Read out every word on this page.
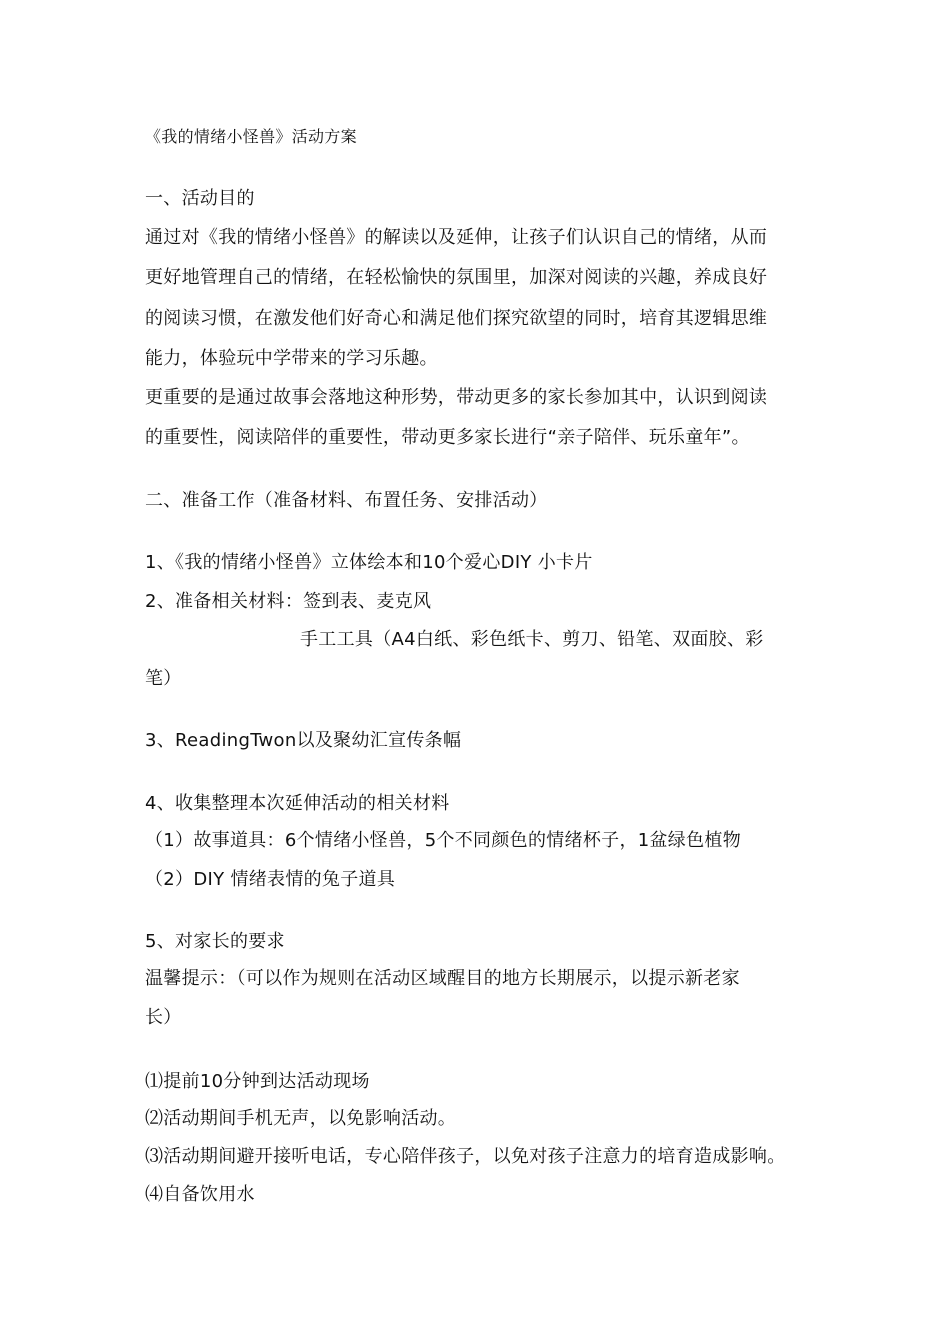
《我的情绪小怪兽》活动方案
一、活动目的
通过对《我的情绪小怪兽》的解读以及延伸，让孩子们认识自己的情绪，从而
更好地管理自己的情绪，在轻松愉快的氛围里，加深对阅读的兴趣，养成良好
的阅读习惯，在激发他们好奇心和满足他们探究欲望的同时，培育其逻辑思维
能力，体验玩中学带来的学习乐趣。
更重要的是通过故事会落地这种形势，带动更多的家长参加其中，认识到阅读
的重要性，阅读陪伴的重要性，带动更多家长进行“亲子陪伴、玩乐童年”。
二、准备工作（准备材料、布置任务、安排活动）
1、《我的情绪小怪兽》立体绘本和10个爱心DIY 小卡片
2、准备相关材料：签到表、麦克风
手工工具（A4白纸、彩色纸卡、剪刀、铅笔、双面胶、彩
笔）
3、ReadingTwon以及聚幼汇宣传条幅
4、收集整理本次延伸活动的相关材料
（1）故事道具：6个情绪小怪兽，5个不同颜色的情绪杯子，1盆绿色植物
（2）DIY 情绪表情的兔子道具
5、对家长的要求
温馨提示：（可以作为规则在活动区域醒目的地方长期展示，以提示新老家
长）
⑴提前10分钟到达活动现场
⑵活动期间手机无声，以免影响活动。
⑶活动期间避开接听电话，专心陪伴孩子，以免对孩子注意力的培育造成影响。
⑷自备饮用水
